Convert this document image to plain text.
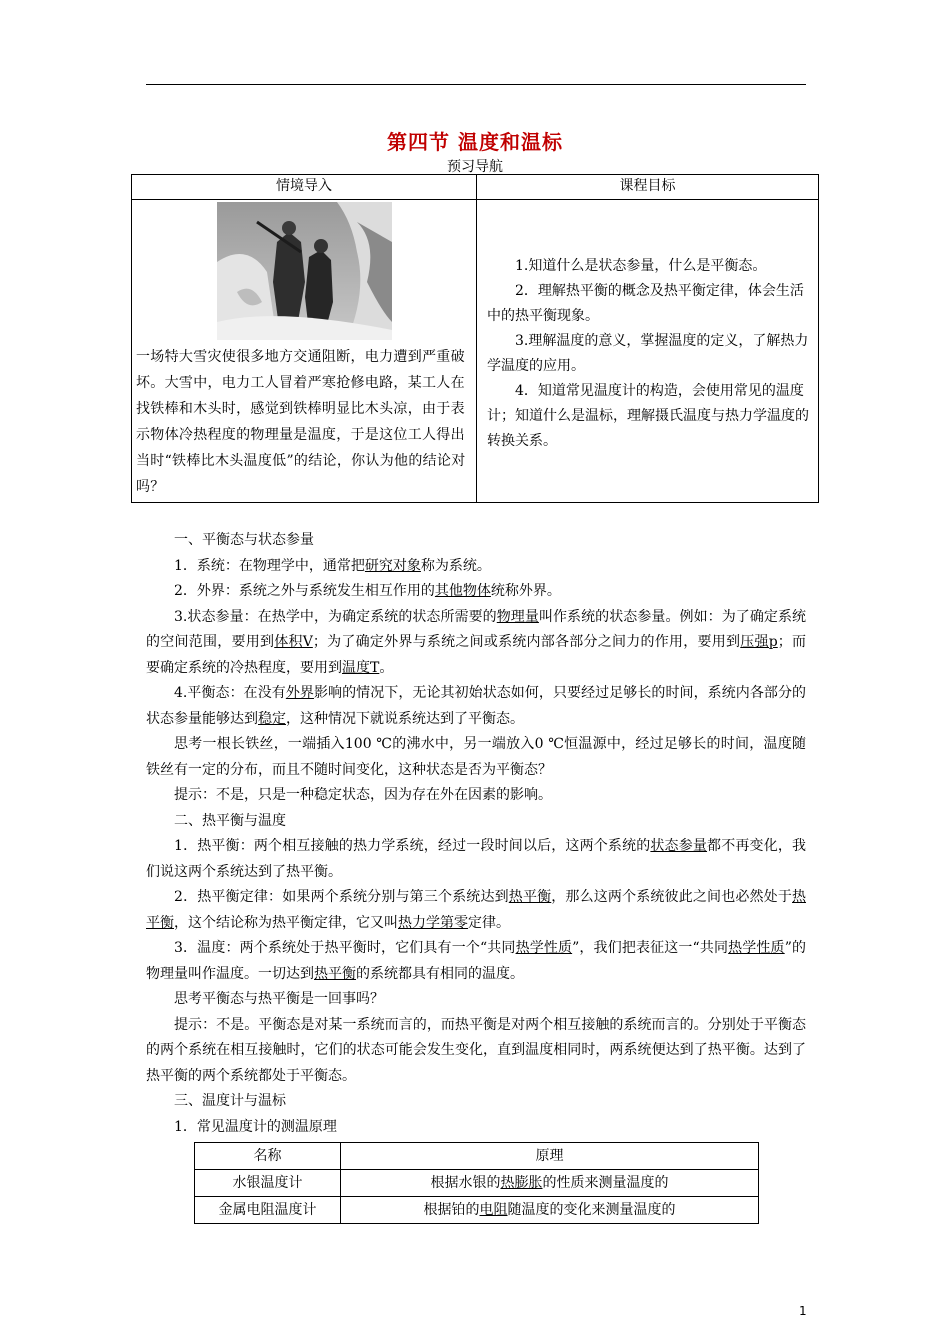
第四节 温度和温标
预习导航
情境导入	课程目标

一场特大雪灾使很多地方交通阻断，电力遭到严重破坏。大雪中，电力工人冒着严寒抢修电路，某工人在找铁棒和木头时，感觉到铁棒明显比木头凉，由于表示物体冷热程度的物理量是温度，于是这位工人得出当时“铁棒比木头温度低”的结论，你认为他的结论对吗？	1.知道什么是状态参量，什么是平衡态。

2．理解热平衡的概念及热平衡定律，体会生活中的热平衡现象。

3.理解温度的意义，掌握温度的定义，了解热力学温度的应用。

4．知道常见温度计的构造，会使用常见的温度计；知道什么是温标，理解摄氏温度与热力学温度的转换关系。

一、平衡态与状态参量

1．系统：在物理学中，通常把研究对象称为系统。

2．外界：系统之外与系统发生相互作用的其他物体统称外界。

3.状态参量：在热学中，为确定系统的状态所需要的物理量叫作系统的状态参量。例如：为了确定系统的空间范围，要用到体积V；为了确定外界与系统之间或系统内部各部分之间力的作用，要用到压强p；而要确定系统的冷热程度，要用到温度T。

4.平衡态：在没有外界影响的情况下，无论其初始状态如何，只要经过足够长的时间，系统内各部分的状态参量能够达到稳定，这种情况下就说系统达到了平衡态。

思考一根长铁丝，一端插入100 ℃的沸水中，另一端放入0 ℃恒温源中，经过足够长的时间，温度随铁丝有一定的分布，而且不随时间变化，这种状态是否为平衡态？

提示：不是，只是一种稳定状态，因为存在外在因素的影响。

二、热平衡与温度

1．热平衡：两个相互接触的热力学系统，经过一段时间以后，这两个系统的状态参量都不再变化，我们说这两个系统达到了热平衡。

2．热平衡定律：如果两个系统分别与第三个系统达到热平衡，那么这两个系统彼此之间也必然处于热平衡，这个结论称为热平衡定律，它又叫热力学第零定律。

3．温度：两个系统处于热平衡时，它们具有一个“共同热学性质”，我们把表征这一“共同热学性质”的物理量叫作温度。一切达到热平衡的系统都具有相同的温度。

思考平衡态与热平衡是一回事吗？

提示：不是。平衡态是对某一系统而言的，而热平衡是对两个相互接触的系统而言的。分别处于平衡态的两个系统在相互接触时，它们的状态可能会发生变化，直到温度相同时，两系统便达到了热平衡。达到了热平衡的两个系统都处于平衡态。

三、温度计与温标

1．常见温度计的测温原理

名称	原理
水银温度计	根据水银的热膨胀的性质来测量温度的
金属电阻温度计	根据铂的电阻随温度的变化来测量温度的
1
